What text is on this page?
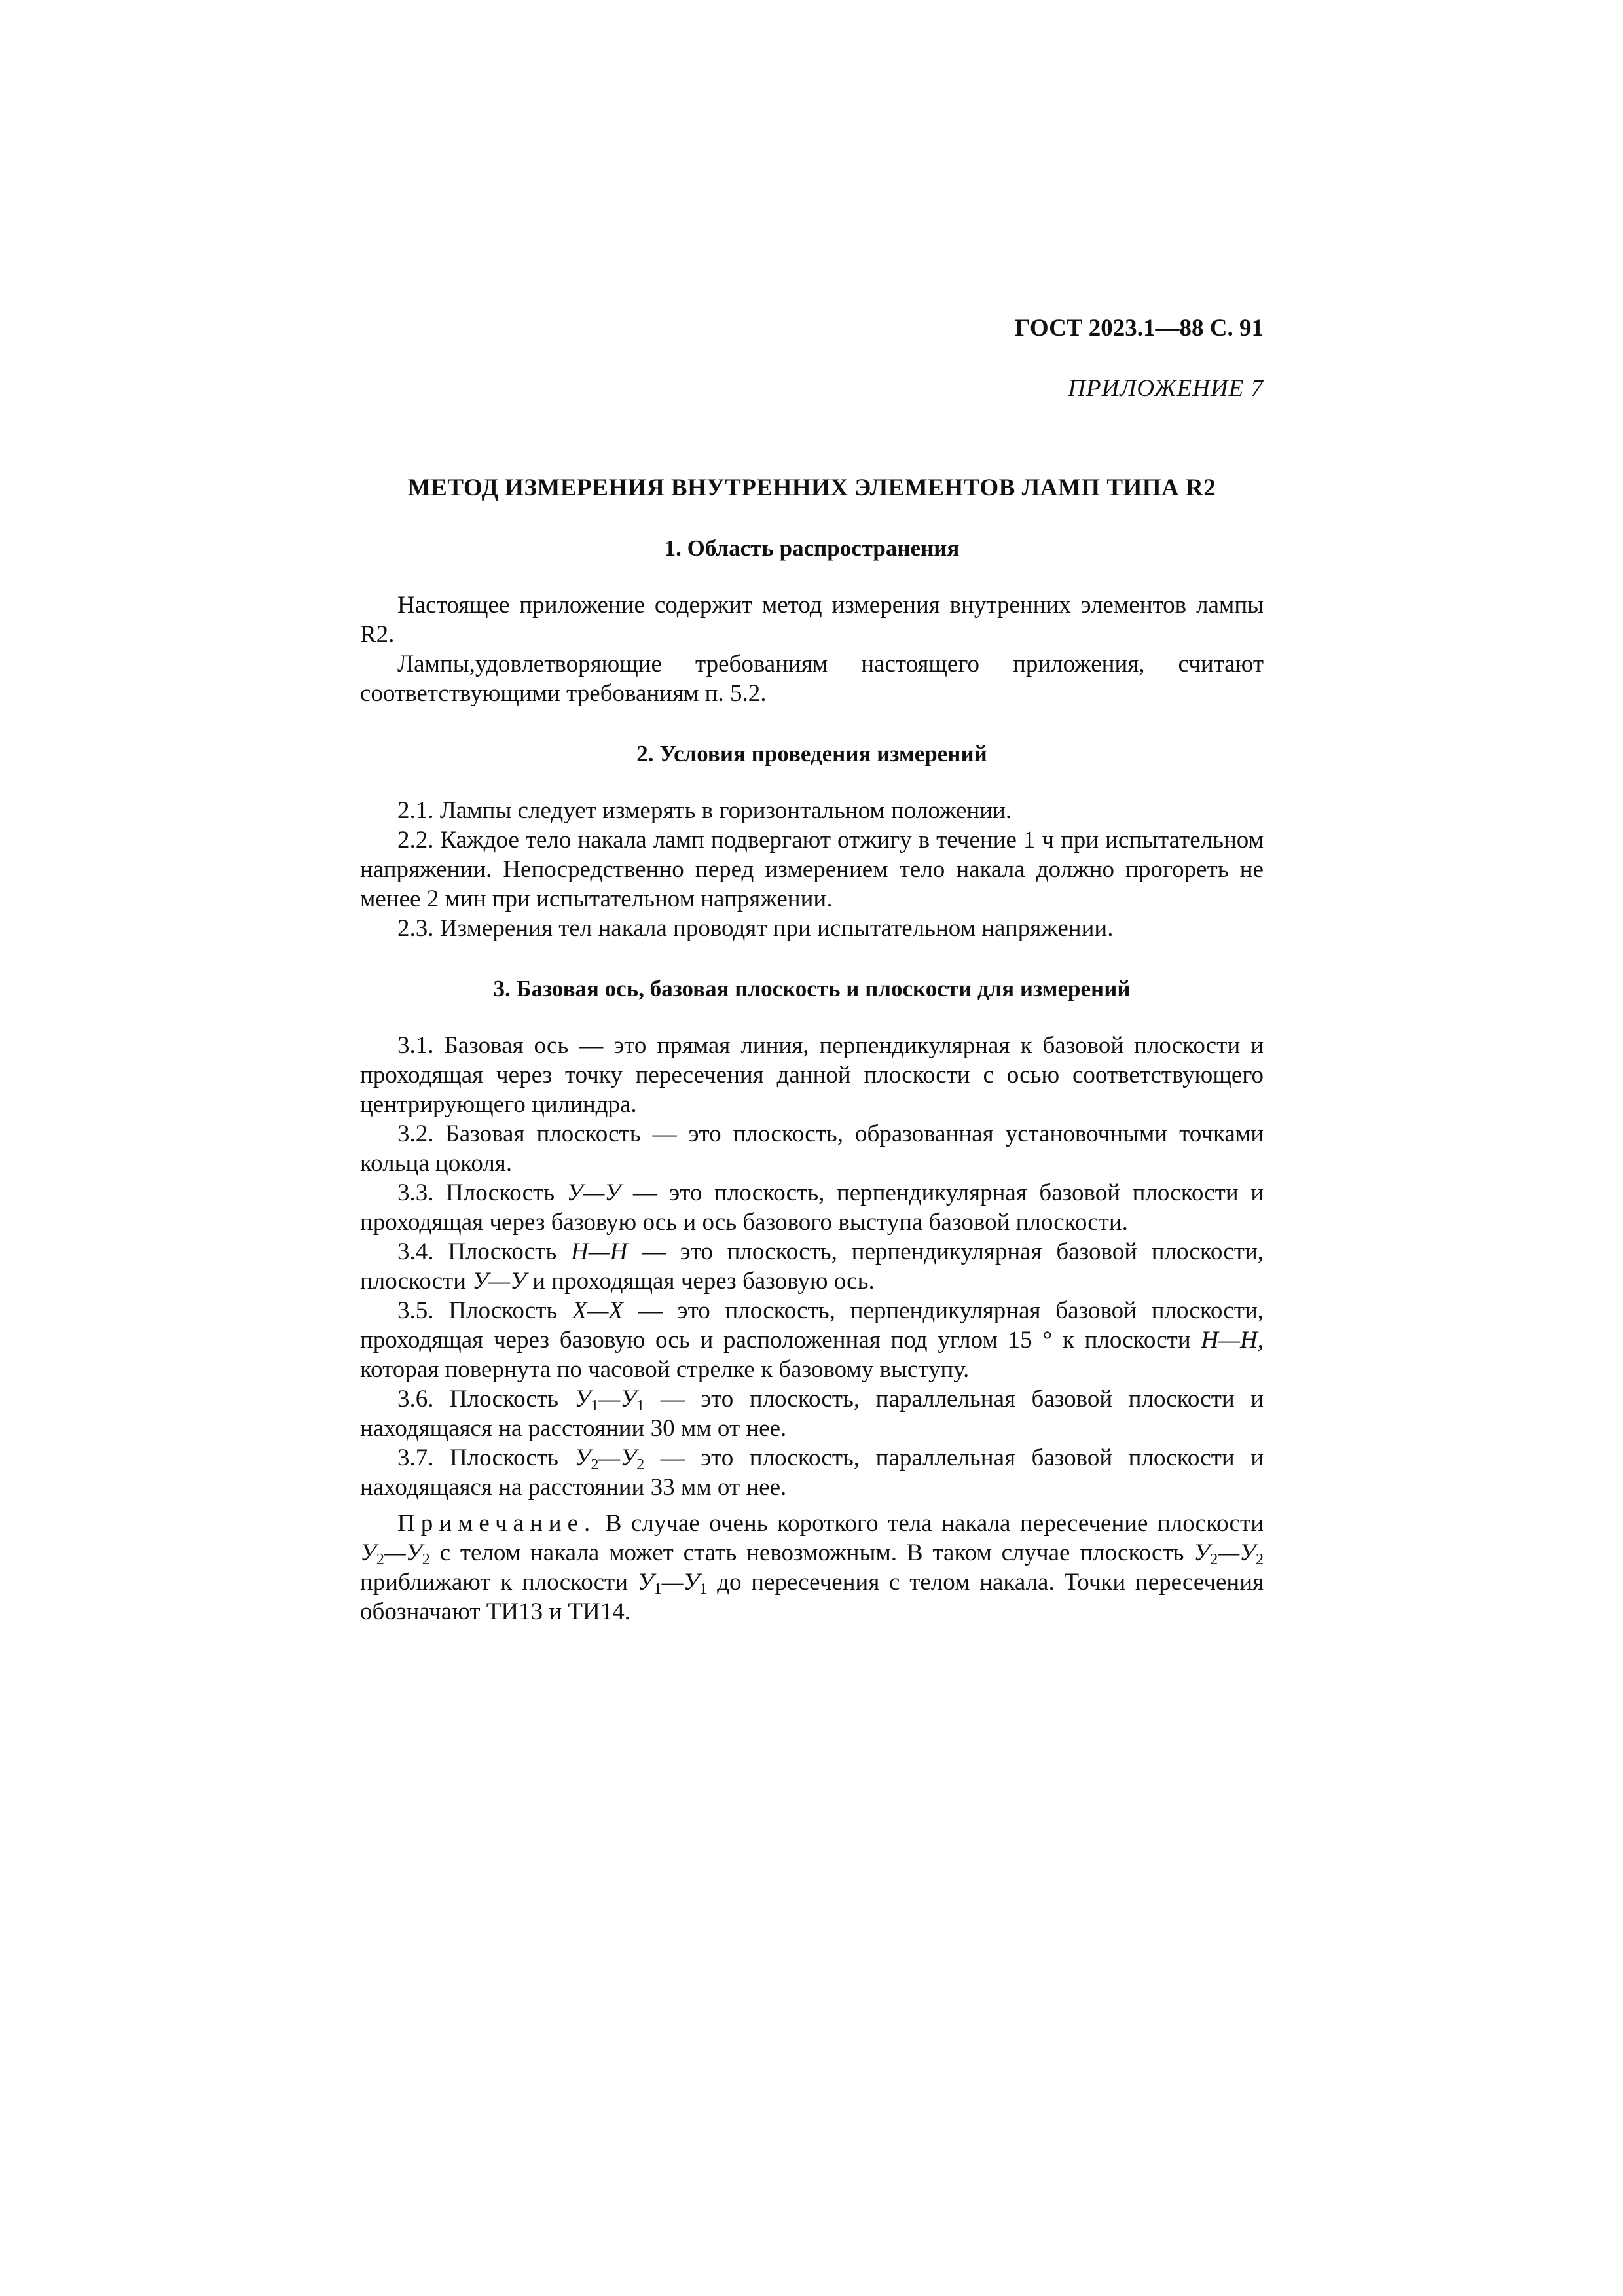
ГОСТ 2023.1—88 С. 91
ПРИЛОЖЕНИЕ 7
МЕТОД ИЗМЕРЕНИЯ ВНУТРЕННИХ ЭЛЕМЕНТОВ ЛАМП ТИПА R2
1. Область распространения

Настоящее приложение содержит метод измерения внутренних элементов лампы R2.

Лампы,удовлетворяющие требованиям настоящего приложения, считают соответствующими требованиям п. 5.2.

2. Условия проведения измерений

2.1. Лампы следует измерять в горизонтальном положении.

2.2. Каждое тело накала ламп подвергают отжигу в течение 1 ч при испытательном напряжении. Непосредственно перед измерением тело накала должно прогореть не менее 2 мин при испытательном напряжении.

2.3. Измерения тел накала проводят при испытательном напряжении.

3. Базовая ось, базовая плоскость и плоскости для измерений

3.1. Базовая ось — это прямая линия, перпендикулярная к базовой плоскости и проходящая через точку пересечения данной плоскости с осью соответствующего центрирующего цилиндра.

3.2. Базовая плоскость — это плоскость, образованная установочными точками кольца цоколя.

3.3. Плоскость У—У — это плоскость, перпендикулярная базовой плоскости и проходящая через базовую ось и ось базового выступа базовой плоскости.

3.4. Плоскость Н—Н — это плоскость, перпендикулярная базовой плоскости, плоскости У—У и проходящая через базовую ось.

3.5. Плоскость X—X — это плоскость, перпендикулярная базовой плоскости, проходящая через базовую ось и расположенная под углом 15 ° к плоскости Н—Н, которая повернута по часовой стрелке к базовому выступу.

3.6. Плоскость $У_1—У_1$ — это плоскость, параллельная базовой плоскости и находящаяся на расстоянии 30 мм от нее.

3.7. Плоскость $У_2—У_2$ — это плоскость, параллельная базовой плоскости и находящаяся на расстоянии 33 мм от нее.

Примечание. В случае очень короткого тела накала пересечение плоскости $У_2—У_2$ с телом накала может стать невозможным. В таком случае плоскость $У_2—У_2$ приближают к плоскости $У_1—У_1$ до пересечения с телом накала. Точки пересечения обозначают ТИ13 и ТИ14.
